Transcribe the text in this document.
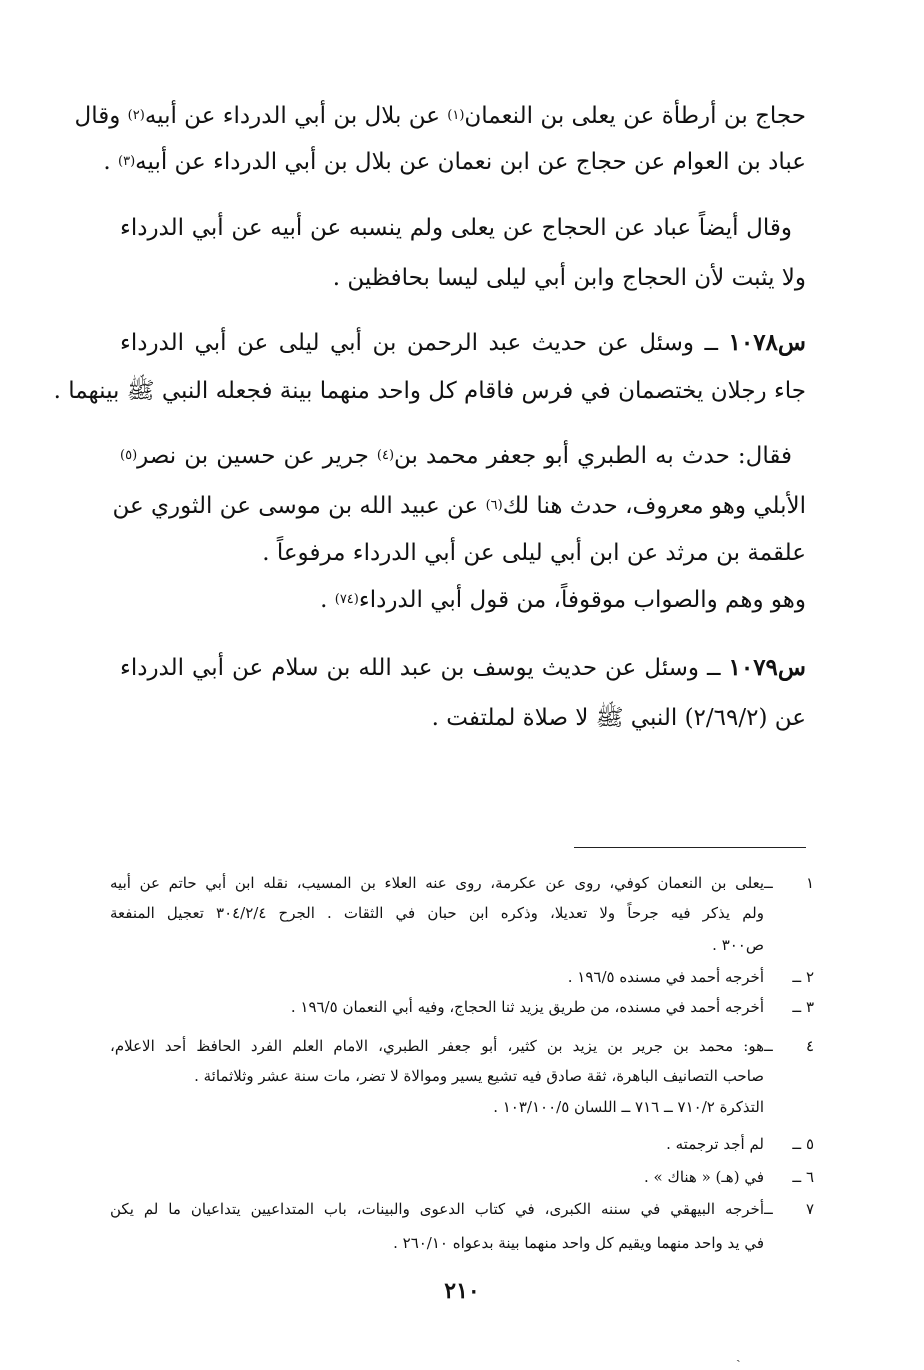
حجاج بن أرطأة عن يعلى بن النعمان$^{(١)}$ عن بلال بن أبي الدرداء عن أبيه$^{(٢)}$ وقال
عباد بن العوام عن حجاج عن ابن نعمان عن بلال بن أبي الدرداء عن أبيه$^{(٣)}$ .
وقال أيضاً عباد عن الحجاج عن يعلى ولم ينسبه عن أبيه عن أبي الدرداء
ولا يثبت لأن الحجاج وابن أبي ليلى ليسا بحافظين .
س١٠٧٨ ــ وسئل عن حديث عبد الرحمن بن أبي ليلى عن أبي الدرداء
جاء رجلان يختصمان في فرس فاقام كل واحد منهما بينة فجعله النبي ﷺ بينهما .
فقال: حدث به الطبري أبو جعفر محمد بن$^{(٤)}$ جرير عن حسين بن نصر$^{(٥)}$
الأبلي وهو معروف، حدث هنا لك$^{(٦)}$ عن عبيد الله بن موسى عن الثوري عن
علقمة بن مرثد عن ابن أبي ليلى عن أبي الدرداء مرفوعاً .
وهو وهم والصواب موقوفاً، من قول أبي الدرداء$^{(٧٤)}$ .
س١٠٧٩ ــ وسئل عن حديث يوسف بن عبد الله بن سلام عن أبي الدرداء
عن (٢/٦٩/٢) النبي ﷺ لا صلاة لملتفت .
١ ــيعلى بن النعمان كوفي، روى عن عكرمة، روى عنه العلاء بن المسيب، نقله ابن أبي حاتم عن أبيه
ولم يذكر فيه جرحاً ولا تعديلا، وذكره ابن حبان في الثقات . الجرح ٣٠٤/٢/٤ تعجيل المنفعة
ص٣٠٠ .
٢ ــأخرجه أحمد في مسنده ١٩٦/٥ .
٣ ــأخرجه أحمد في مسنده، من طريق يزيد ثنا الحجاج، وفيه أبي النعمان ١٩٦/٥ .
٤ ــهو: محمد بن جرير بن يزيد بن كثير، أبو جعفر الطبري، الامام العلم الفرد الحافظ أحد الاعلام،
صاحب التصانيف الباهرة، ثقة صادق فيه تشيع يسير وموالاة لا تضر، مات سنة عشر وثلاثمائة .
التذكرة ٧١٠/٢ ــ ٧١٦ ــ اللسان ١٠٣/١٠٠/٥ .
٥ ــلم أجد ترجمته .
٦ ــفي (هـ) « هناك » .
٧ ــأخرجه البيهقي في سننه الكبرى، في كتاب الدعوى والبينات، باب المتداعيين يتداعيان ما لم يكن
في يد واحد منهما ويقيم كل واحد منهما بينة بدعواه ٢٦٠/١٠ .
٢١٠
ˎ
